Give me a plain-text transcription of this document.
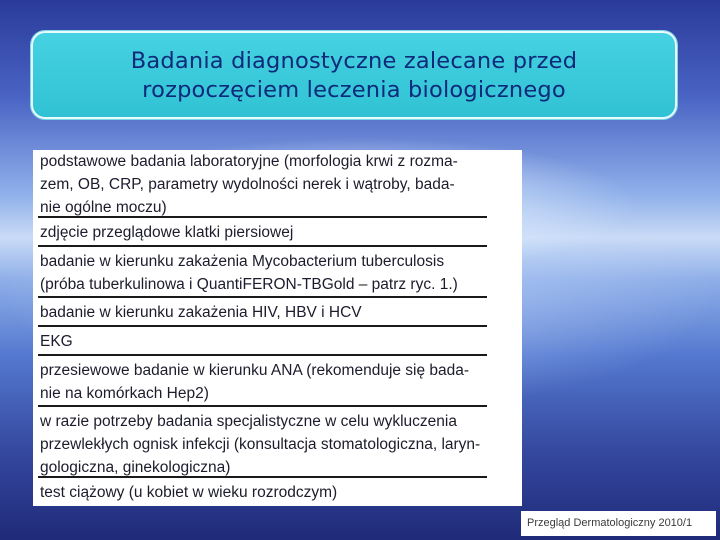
Badania diagnostyczne zalecane przed
rozpoczęciem leczenia biologicznego
podstawowe badania laboratoryjne (morfologia krwi z rozma-
zem, OB, CRP, parametry wydolności nerek i wątroby, bada-
nie ogólne moczu)
zdjęcie przeglądowe klatki piersiowej
badanie w kierunku zakażenia Mycobacterium tuberculosis
(próba tuberkulinowa i QuantiFERON-TBGold – patrz ryc. 1.)
badanie w kierunku zakażenia HIV, HBV i HCV
EKG
przesiewowe badanie w kierunku ANA (rekomenduje się bada-
nie na komórkach Hep2)
w razie potrzeby badania specjalistyczne w celu wykluczenia
przewlekłych ognisk infekcji (konsultacja stomatologiczna, laryn-
gologiczna, ginekologiczna)
test ciążowy (u kobiet w wieku rozrodczym)
Przegląd Dermatologiczny 2010/1
